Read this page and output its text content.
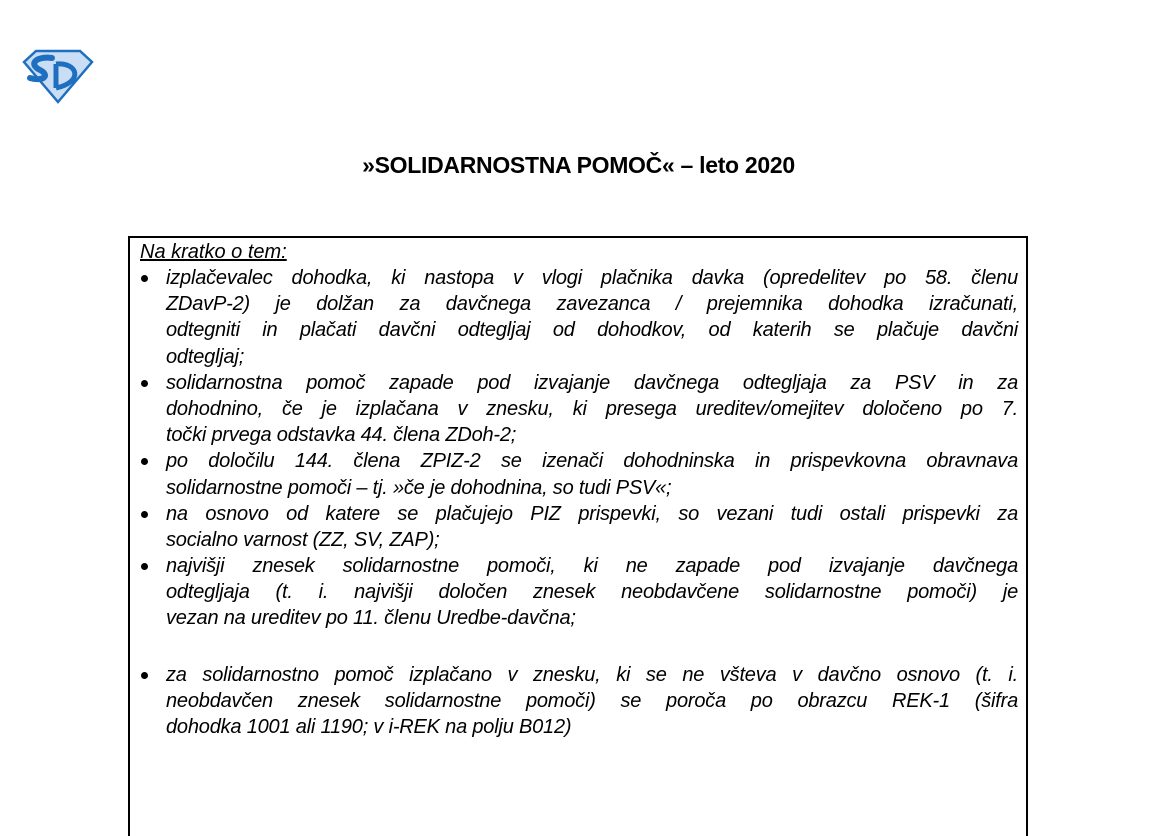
»SOLIDARNOSTNA POMOČ« – leto 2020
Na kratko o tem:
izplačevalec dohodka, ki nastopa v vlogi plačnika davka (opredelitev po 58. členu
ZDavP-2) je dolžan za davčnega zavezanca / prejemnika dohodka izračunati,
odtegniti in plačati davčni odtegljaj od dohodkov, od katerih se plačuje davčni
odtegljaj;
solidarnostna pomoč zapade pod izvajanje davčnega odtegljaja za PSV in za
dohodnino, če je izplačana v znesku, ki presega ureditev/omejitev določeno po 7.
točki prvega odstavka 44. člena ZDoh-2;
po določilu 144. člena ZPIZ-2 se izenači dohodninska in prispevkovna obravnava
solidarnostne pomoči – tj. »če je dohodnina, so tudi PSV«;
na osnovo od katere se plačujejo PIZ prispevki, so vezani tudi ostali prispevki za
socialno varnost (ZZ, SV, ZAP);
najvišji znesek solidarnostne pomoči, ki ne zapade pod izvajanje davčnega
odtegljaja (t. i. najvišji določen znesek neobdavčene solidarnostne pomoči) je
vezan na ureditev po 11. členu Uredbe-davčna;
za solidarnostno pomoč izplačano v znesku, ki se ne všteva v davčno osnovo (t. i.
neobdavčen znesek solidarnostne pomoči) se poroča po obrazcu REK-1 (šifra
dohodka 1001 ali 1190; v i-REK na polju B012)
